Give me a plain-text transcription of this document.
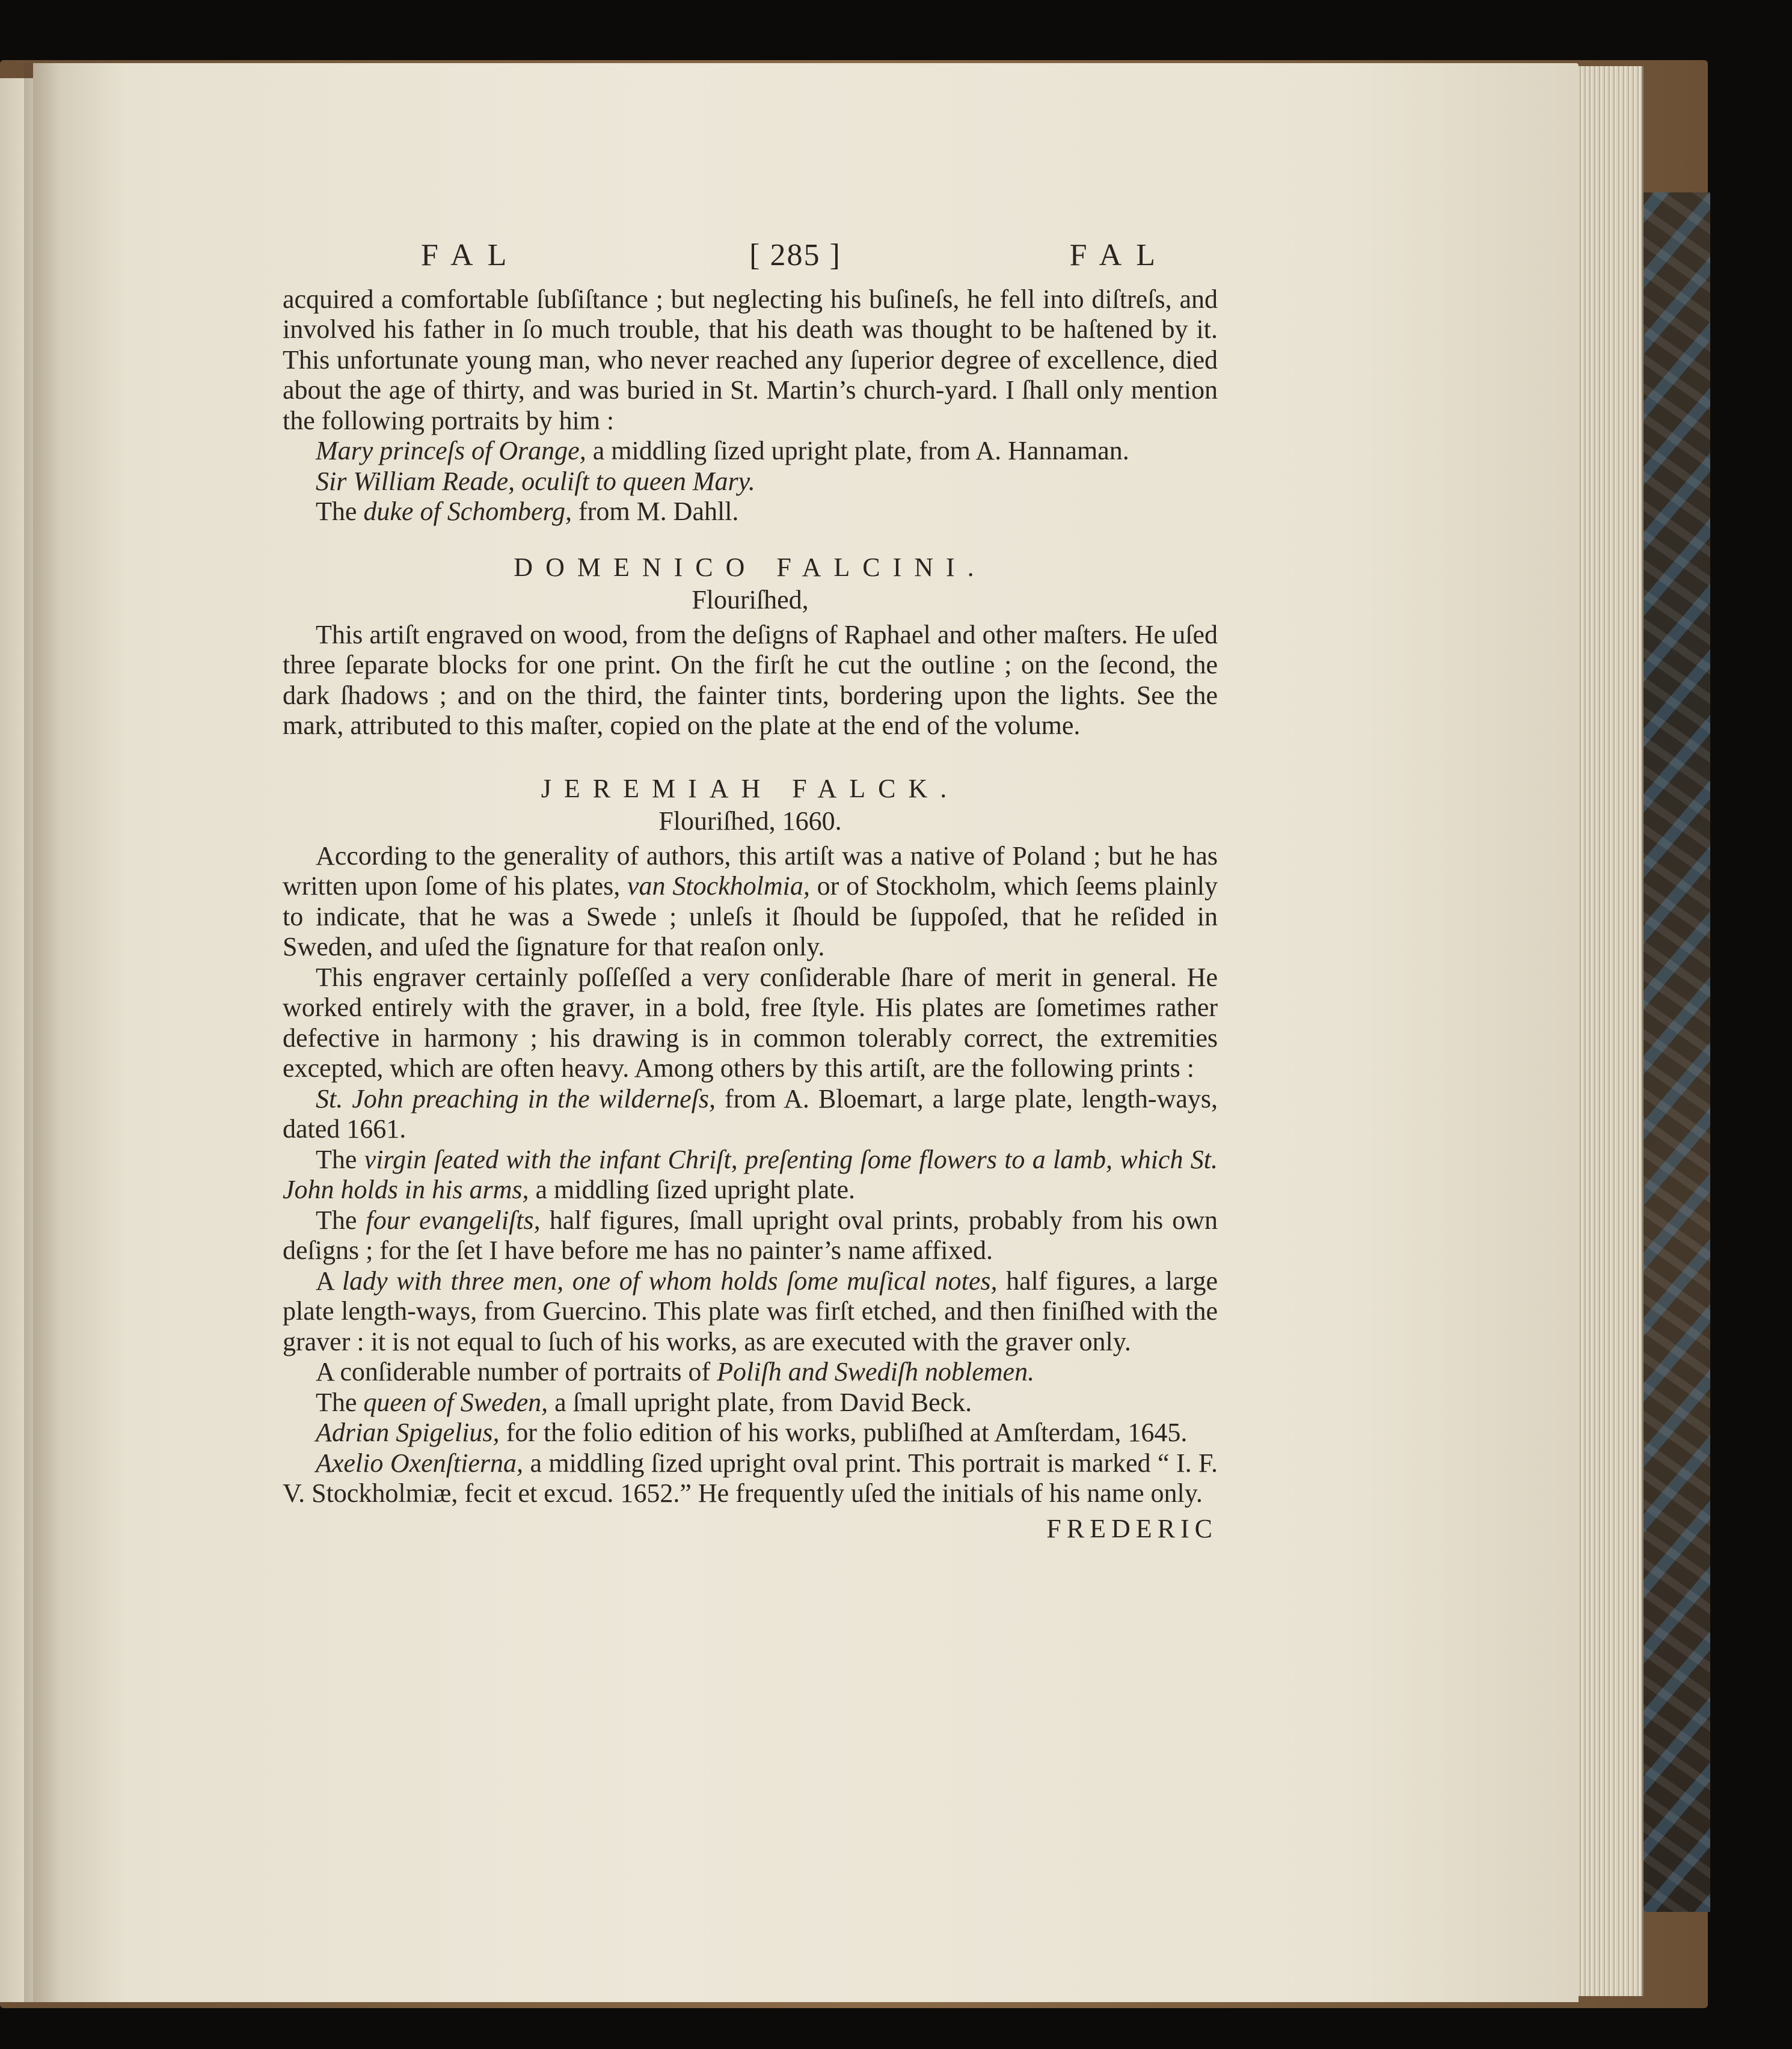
FAL	[ 285 ]	FAL

acquired a comfortable ſubſiſtance ; but neglecting his buſineſs, he fell into diſtreſs, and involved his father in ſo much trouble, that his death was thought to be haſtened by it. This unfortunate young man, who never reached any ſuperior degree of excellence, died about the age of thirty, and was buried in St. Martin’s church-yard. I ſhall only mention the following portraits by him :

Mary princeſs of Orange, a middling ſized upright plate, from A. Hannaman.

Sir William Reade, oculiſt to queen Mary.

The duke of Schomberg, from M. Dahll.

DOMENICO FALCINI.
Flouriſhed,

This artiſt engraved on wood, from the deſigns of Raphael and other maſters. He uſed three ſeparate blocks for one print. On the firſt he cut the outline ; on the ſecond, the dark ſhadows ; and on the third, the fainter tints, bordering upon the lights. See the mark, attributed to this maſter, copied on the plate at the end of the volume.

JEREMIAH FALCK.
Flouriſhed, 1660.

According to the generality of authors, this artiſt was a native of Poland ; but he has written upon ſome of his plates, van Stockholmia, or of Stockholm, which ſeems plainly to indicate, that he was a Swede ; unleſs it ſhould be ſuppoſed, that he reſided in Sweden, and uſed the ſignature for that reaſon only.

This engraver certainly poſſeſſed a very conſiderable ſhare of merit in general. He worked entirely with the graver, in a bold, free ſtyle. His plates are ſometimes rather defective in harmony ; his drawing is in common tolerably correct, the extremities excepted, which are often heavy. Among others by this artiſt, are the following prints :

St. John preaching in the wilderneſs, from A. Bloemart, a large plate, length-ways, dated 1661.

The virgin ſeated with the infant Chriſt, preſenting ſome flowers to a lamb, which St. John holds in his arms, a middling ſized upright plate.

The four evangeliſts, half figures, ſmall upright oval prints, probably from his own deſigns ; for the ſet I have before me has no painter’s name affixed.

A lady with three men, one of whom holds ſome muſical notes, half figures, a large plate length-ways, from Guercino. This plate was firſt etched, and then finiſhed with the graver : it is not equal to ſuch of his works, as are executed with the graver only.

A conſiderable number of portraits of Poliſh and Swediſh noblemen.

The queen of Sweden, a ſmall upright plate, from David Beck.

Adrian Spigelius, for the folio edition of his works, publiſhed at Amſterdam, 1645.

Axelio Oxenſtierna, a middling ſized upright oval print. This portrait is marked “ I. F. V. Stockholmiæ, fecit et excud. 1652.” He frequently uſed the initials of his name only.

FREDERIC
